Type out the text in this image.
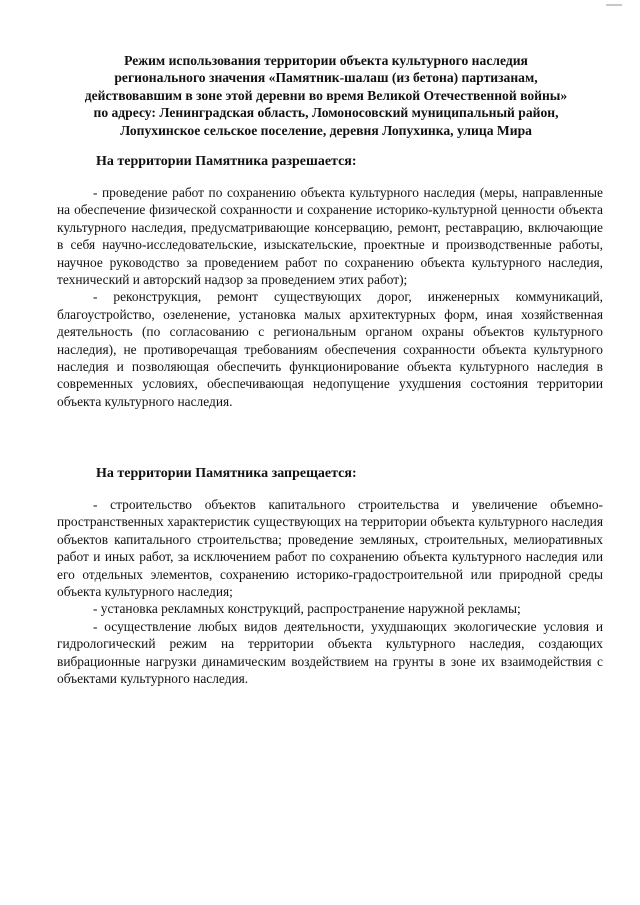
Режим использования территории объекта культурного наследия
регионального значения «Памятник-шалаш (из бетона) партизанам,
действовавшим в зоне этой деревни во время Великой Отечественной войны»
по адресу: Ленинградская область, Ломоносовский муниципальный район,
Лопухинское сельское поселение, деревня Лопухинка, улица Мира
На территории Памятника разрешается:

- проведение работ по сохранению объекта культурного наследия (меры, направленные на обеспечение физической сохранности и сохранение историко-культурной ценности объекта культурного наследия, предусматривающие консервацию, ремонт, реставрацию, включающие в себя научно-исследовательские, изыскательские, проектные и производственные работы, научное руководство за проведением работ по сохранению объекта культурного наследия, технический и авторский надзор за проведением этих работ);

- реконструкция, ремонт существующих дорог, инженерных коммуникаций, благоустройство, озеленение, установка малых архитектурных форм, иная хозяйственная деятельность (по согласованию с региональным органом охраны объектов культурного наследия), не противоречащая требованиям обеспечения сохранности объекта культурного наследия и позволяющая обеспечить функционирование объекта культурного наследия в современных условиях, обеспечивающая недопущение ухудшения состояния территории объекта культурного наследия.

На территории Памятника запрещается:

- строительство объектов капитального строительства и увеличение объемно-пространственных характеристик существующих на территории объекта культурного наследия объектов капитального строительства; проведение земляных, строительных, мелиоративных работ и иных работ, за исключением работ по сохранению объекта культурного наследия или его отдельных элементов, сохранению историко-градостроительной или природной среды объекта культурного наследия;

- установка рекламных конструкций, распространение наружной рекламы;

- осуществление любых видов деятельности, ухудшающих экологические условия и гидрологический режим на территории объекта культурного наследия, создающих вибрационные нагрузки динамическим воздействием на грунты в зоне их взаимодействия с объектами культурного наследия.
